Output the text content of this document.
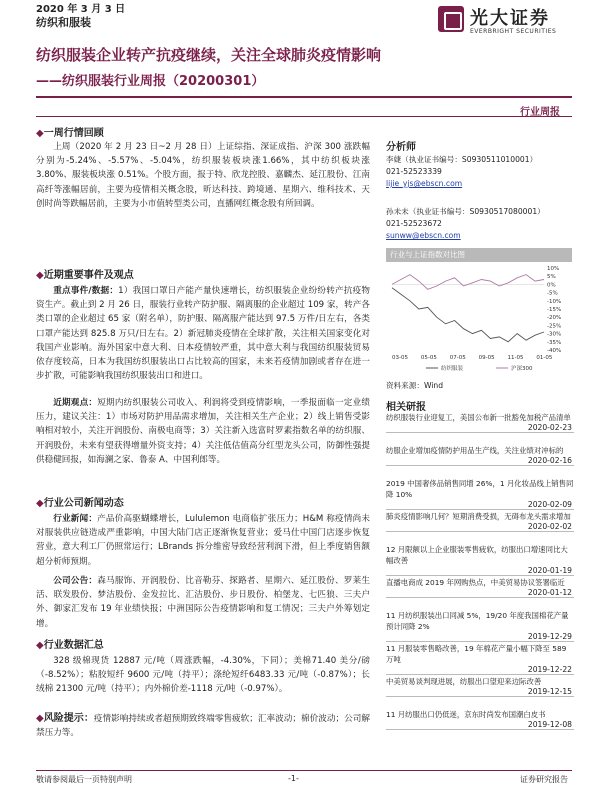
2020 年 3 月 3 日
纺织和服装	光大证券
EVERBRIGHT SECURITIES
纺织服装企业转产抗疫继续，关注全球肺炎疫情影响
——纺织服装行业周报（20200301）
行业周报
◆一周行情回顾
上周（2020 年 2 月 23 日~2 月 28 日）上证综指、深证成指、沪深 300 涨跌幅分别为-5.24%、-5.57%、-5.04%，纺织服装板块涨1.66%，其中纺织板块涨 3.80%、服装板块涨 0.51%。个股方面，报于特、欣龙控股、嘉麟杰、延江股份、江南高纤等涨幅居前，主要为疫情相关概念股，昕达科技、跨境通、星期六、维科技术、天创时尚等跌幅居前，主要为小市值转型类公司，直播网红概念股有所回调。
◆近期重要事件及观点
重点事件/数据：1）我国口罩日产能产量快速增长，纺织服装企业纷纷转产抗疫物资生产。截止到 2 月 26 日，服装行业转产防护服、隔离服的企业超过 109 家，转产各类口罩的企业超过 65 家（附名单），防护服、隔离服产能达到 97.5 万件/日左右，各类口罩产能达到 825.8 万只/日左右。2）新冠肺炎疫情在全球扩散，关注相关国家变化对我国产业影响。海外国家中意大利、日本疫情较严重，其中意大利与我国纺织服装贸易依存度较高，日本为我国纺织服装出口占比较高的国家，未来若疫情加剧或者存在进一步扩散，可能影响我国纺织服装出口和进口。
近期观点：短期内纺织服装公司收入、利润将受到疫情影响，一季报面临一定业绩压力，建议关注：1）市场对防护用品需求增加，关注相关生产企业；2）线上销售受影响相对较小，关注开润股份、南极电商等；3）关注新入选富时罗素指数名单的纺织服、开润股份，未来有望获得增量外资支持；4）关注低估值高分红型龙头公司，防御性强提供稳健回报，如海澜之家、鲁泰 A、中国利郎等。
◆行业公司新闻动态
行业新闻：产品价高驱蝴蝶增长，Lululemon 电商临扩张压力；H&M 称疫情尚未对服装供应链造成严重影响，中国大陆门店正逐渐恢复营业；爱马仕中国门店逐步恢复营业，意大利工厂仍照常运行；LBrands 拆分维密导致经营利润下滑，但上季度销售额超分析师预期。
公司公告：森马服饰、开润股份、比音勒芬、探路者、星期六、延江股份、罗莱生活、联发股份、梦洁股份、金发拉比、汇洁股份、步日股份、柏堡龙、七匹狼、三夫户外、御家汇发布 19 年业绩快报；中洲国际公告疫情影响和复工情况；三夫户外筹划定增。
◆行业数据汇总
328 级棉现货 12887 元/吨（周涨跌幅，-4.30%，下同）；美棉71.40 美分/磅（-8.52%）；粘胶短纤 9600 元/吨（持平）；涤纶短纤6483.33 元/吨（-0.87%）；长绒棉 21300 元/吨（持平）；内外棉价差-1118 元/吨（-0.97%）。
◆风险提示：疫情影响持续或者超预期致终端零售疲软；汇率波动；棉价波动；公司解禁压力等。
分析师
李婕（执业证书编号：S0930511010001）
021-52523339
lijie_yjs@ebscn.com
孙未未（执业证书编号：S0930517080001）
021-52523672
sunww@ebscn.com
行业与上证指数对比图
10%
5%
0%
-5%
-10%
-15%
-20%
-25%
-30%
-35%
-40%
03-05 05-05 07-05 09-05 11-05 01-05
纺织服装	沪深300
资料来源：Wind
相关研报
纺织服装行业迎复工，美国公布新一批豁免加税产品清单
2020-02-23
纺服企业增加疫情防护用品生产线，关注业绩对冲标的
2020-02-16
2019 中国奢侈品销售同增 26%，1 月化妆品线上销售同降 10%
2020-02-09
肺炎疫情影响几何？短期消费受损，无碍布龙头需求增加
2020-02-02
12 月限额以上企业服装零售疲软，纺服出口增速同比大幅改善
2020-01-19
直播电商成 2019 年网购热点，中美贸易协议签署临近
2020-01-12
11 月纺织服装出口同减 5%，19/20 年度我国棉花产量预计同降 2%
2019-12-29
11 月服装零售略改善，19 年棉花产量小幅下降至 589 万吨
2019-12-22
中美贸易谈判现进展，纺服出口望迎来边际改善
2019-12-15
11 月纺服出口仍低迷，京东时尚发布国潮白皮书
2019-12-08
敬请参阅最后一页特别声明	-1-	证券研究报告
